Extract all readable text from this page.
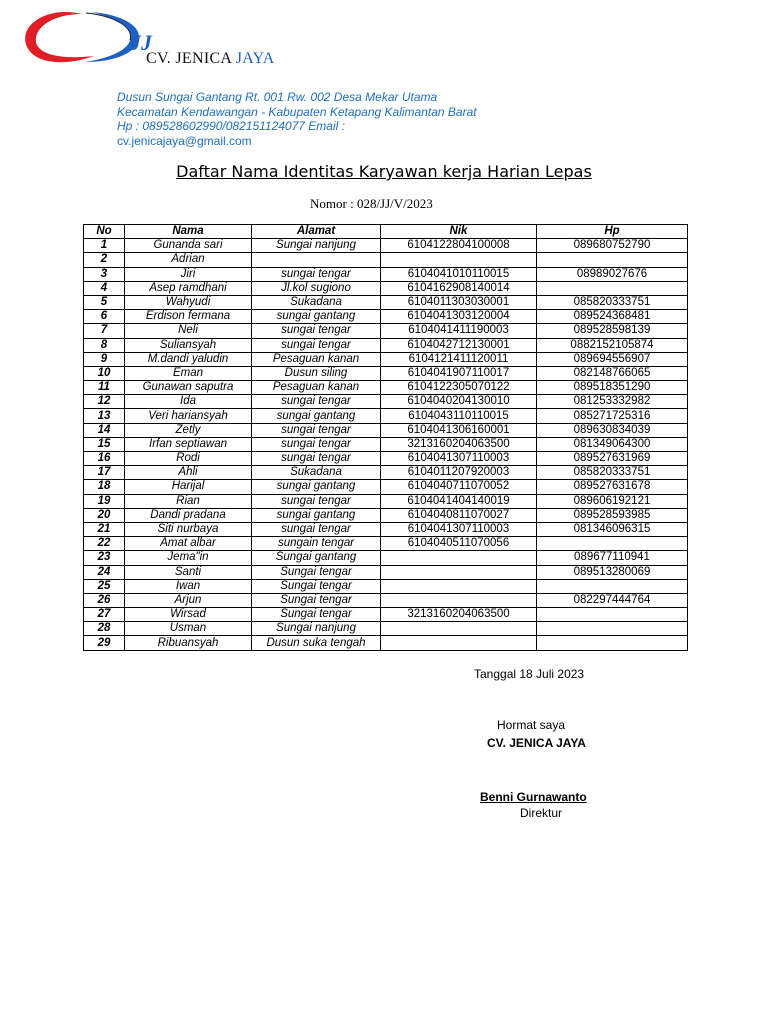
JJ
CV. JENICA JAYA
Dusun Sungai Gantang Rt. 001 Rw. 002 Desa Mekar Utama
Kecamatan Kendawangan - Kabupaten Ketapang Kalimantan Barat
Hp : 089528602990/082151124077 Email :
cv.jenicajaya@gmail.com
Daftar Nama Identitas Karyawan kerja Harian Lepas
Nomor : 028/JJ/V/2023
No	Nama	Alamat	Nik	Hp
1	Gunanda sari	Sungai nanjung	6104122804100008	089680752790
2	Adrian			
3	Jiri	sungai tengar	6104041010110015	08989027676
4	Asep ramdhani	Jl.kol sugiono	6104162908140014	
5	Wahyudi	Sukadana	6104011303030001	085820333751
6	Erdison fermana	sungai gantang	6104041303120004	089524368481
7	Neli	sungai tengar	6104041411190003	089528598139
8	Suliansyah	sungai tengar	6104042712130001	0882152105874
9	M.dandi yaludin	Pesaguan kanan	6104121411120011	089694556907
10	Eman	Dusun siling	6104041907110017	082148766065
11	Gunawan saputra	Pesaguan kanan	6104122305070122	089518351290
12	Ida	sungai tengar	6104040204130010	081253332982
13	Veri hariansyah	sungai gantang	6104043110110015	085271725316
14	Zetly	sungai tengar	6104041306160001	089630834039
15	Irfan septiawan	sungai tengar	3213160204063500	081349064300
16	Rodi	sungai tengar	6104041307110003	089527631969
17	Ahli	Sukadana	6104011207920003	085820333751
18	Harijal	sungai gantang	6104040711070052	089527631678
19	Rian	sungai tengar	6104041404140019	089606192121
20	Dandi pradana	sungai gantang	6104040811070027	089528593985
21	Siti nurbaya	sungai tengar	6104041307110003	081346096315
22	Amat albar	sungain tengar	6104040511070056	
23	Jema"in	Sungai gantang		089677110941
24	Santi	Sungai tengar		089513280069
25	Iwan	Sungai tengar		
26	Arjun	Sungai tengar		082297444764
27	Wirsad	Sungai tengar	3213160204063500	
28	Usman	Sungai nanjung		
29	Ribuansyah	Dusun suka tengah		
Tanggal 18 Juli 2023
Hormat saya
CV. JENICA JAYA
Benni Gurnawanto
Direktur
